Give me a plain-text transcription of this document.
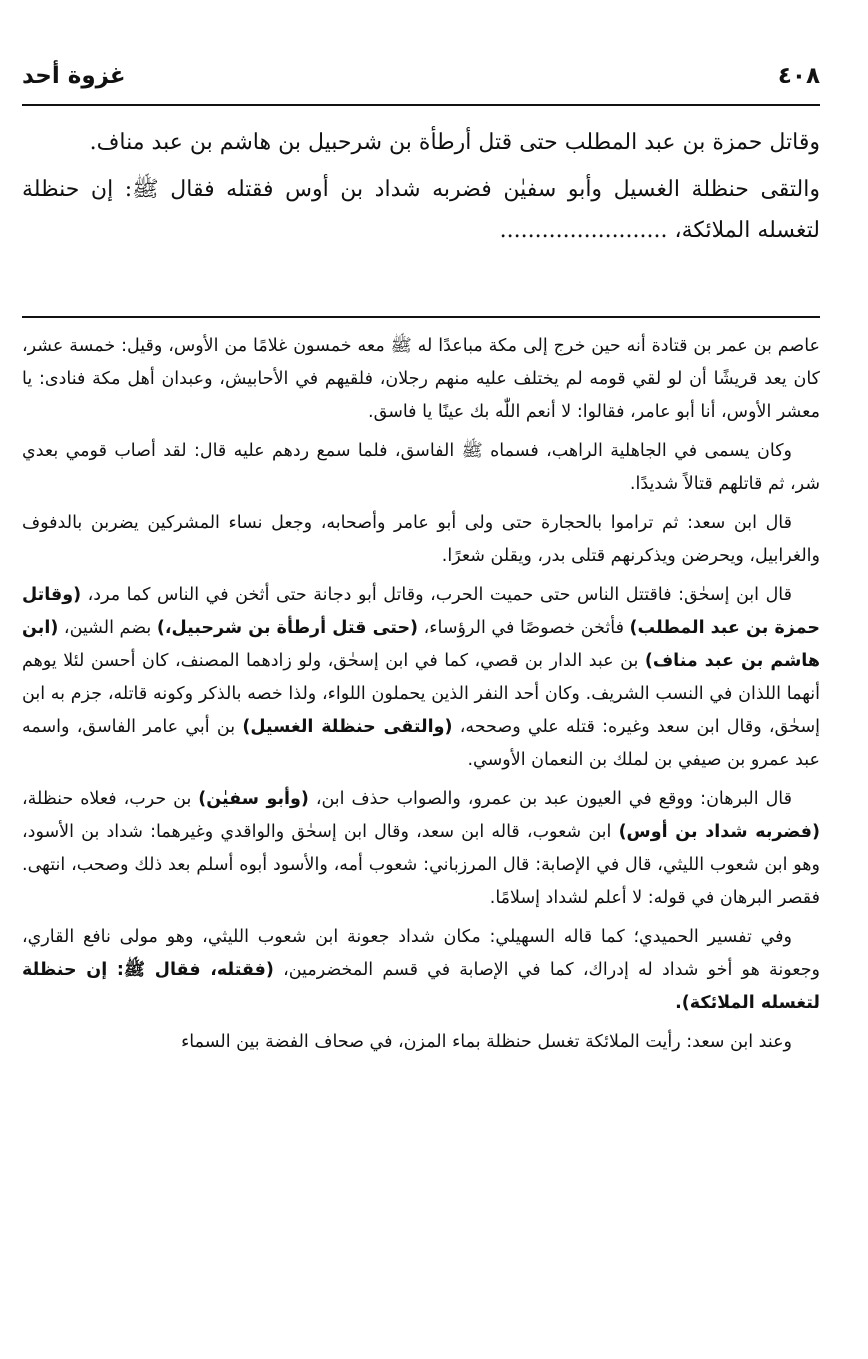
٤٠٨
غزوة أحد

وقاتل حمزة بن عبد المطلب حتى قتل أرطأة بن شرحبيل بن هاشم بن عبد مناف.

والتقى حنظلة الغسيل وأبو سفيٰن فضربه شداد بن أوس فقتله فقال ﷺ: إن حنظلة لتغسله الملائكة، ........................

عاصم بن عمر بن قتادة أنه حين خرج إلى مكة مباعدًا له ﷺ معه خمسون غلامًا من الأوس، وقيل: خمسة عشر، كان يعد قريشًا أن لو لقي قومه لم يختلف عليه منهم رجلان، فلقيهم في الأحابيش، وعبدان أهل مكة فنادى: يا معشر الأوس، أنا أبو عامر، فقالوا: لا أنعم اللّٰه بك عينًا يا فاسق.

وكان يسمى في الجاهلية الراهب، فسماه ﷺ الفاسق، فلما سمع ردهم عليه قال: لقد أصاب قومي بعدي شر، ثم قاتلهم قتالاً شديدًا.

قال ابن سعد: ثم تراموا بالحجارة حتى ولى أبو عامر وأصحابه، وجعل نساء المشركين يضربن بالدفوف والغرابيل، ويحرضن ويذكرنهم قتلى بدر، ويقلن شعرًا.

قال ابن إسحٰق: فاقتتل الناس حتى حميت الحرب، وقاتل أبو دجانة حتى أثخن في الناس كما مرد، (وقاتل حمزة بن عبد المطلب) فأثخن خصوصًا في الرؤساء، (حتى قتل أرطأة بن شرحبيل،) بضم الشين، (ابن هاشم بن عبد مناف) بن عبد الدار بن قصي، كما في ابن إسحٰق، ولو زادهما المصنف، كان أحسن لئلا يوهم أنهما اللذان في النسب الشريف. وكان أحد النفر الذين يحملون اللواء، ولذا خصه بالذكر وكونه قاتله، جزم به ابن إسحٰق، وقال ابن سعد وغيره: قتله علي وصححه، (والتقى حنظلة الغسيل) بن أبي عامر الفاسق، واسمه عبد عمرو بن صيفي بن لملك بن النعمان الأوسي.

قال البرهان: ووقع في العيون عبد بن عمرو، والصواب حذف ابن، (وأبو سفيٰن) بن حرب، فعلاه حنظلة، (فضربه شداد بن أوس) ابن شعوب، قاله ابن سعد، وقال ابن إسحٰق والواقدي وغيرهما: شداد بن الأسود، وهو ابن شعوب الليثي، قال في الإصابة: قال المرزباني: شعوب أمه، والأسود أبوه أسلم بعد ذلك وصحب، انتهى. فقصر البرهان في قوله: لا أعلم لشداد إسلامًا.

وفي تفسير الحميدي؛ كما قاله السهيلي: مكان شداد جعونة ابن شعوب الليثي، وهو مولى نافع القاري، وجعونة هو أخو شداد له إدراك، كما في الإصابة في قسم المخضرمين، (فقتله، فقال ﷺ: إن حنظلة لتغسله الملائكة).

وعند ابن سعد: رأيت الملائكة تغسل حنظلة بماء المزن، في صحاف الفضة بين السماء
